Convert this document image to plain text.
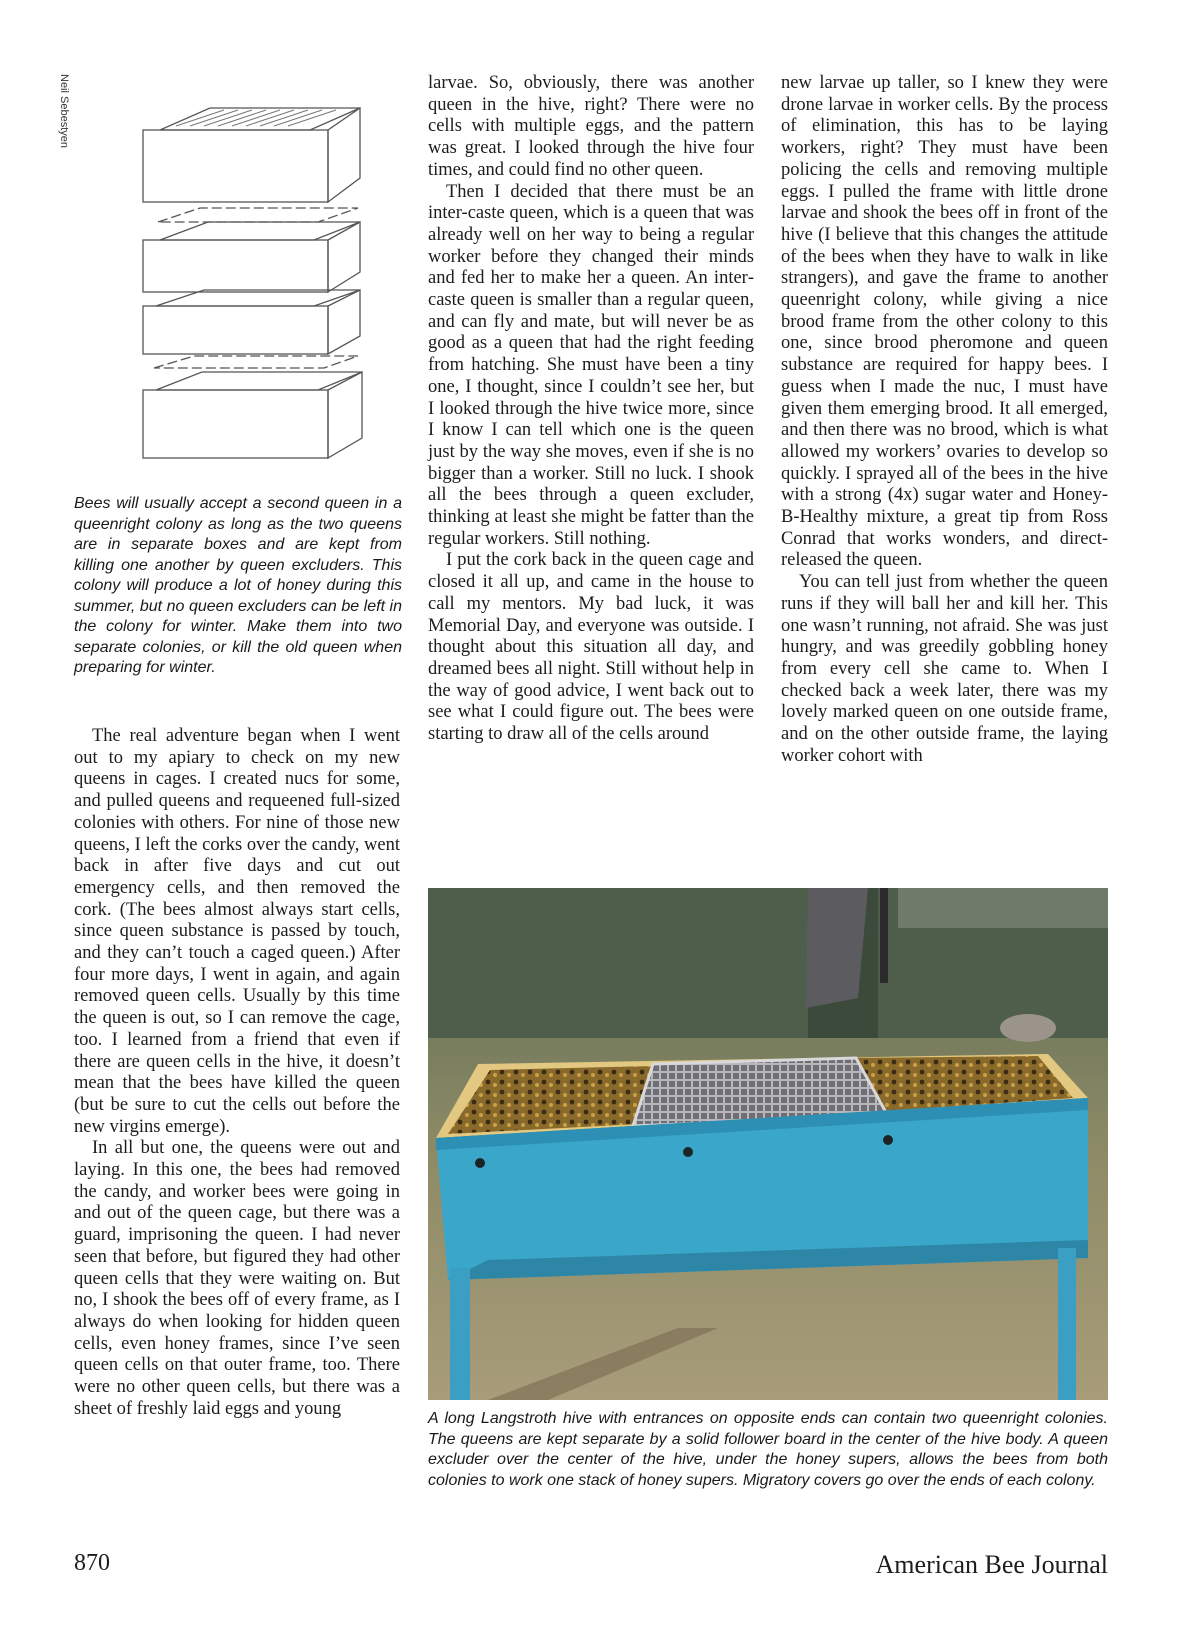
Neil Sebestyen

Bees will usually accept a second queen in a queenright colony as long as the two queens are in separate boxes and are kept from killing one another by queen excluders. This colony will produce a lot of honey during this summer, but no queen excluders can be left in the colony for winter. Make them into two separate colonies, or kill the old queen when preparing for winter.

The real adventure began when I went out to my apiary to check on my new queens in cages. I created nucs for some, and pulled queens and requeened full-sized colonies with others. For nine of those new queens, I left the corks over the candy, went back in after five days and cut out emergency cells, and then removed the cork. (The bees almost always start cells, since queen substance is passed by touch, and they can’t touch a caged queen.) After four more days, I went in again, and again removed queen cells. Usually by this time the queen is out, so I can remove the cage, too. I learned from a friend that even if there are queen cells in the hive, it doesn’t mean that the bees have killed the queen (but be sure to cut the cells out before the new virgins emerge).

In all but one, the queens were out and laying. In this one, the bees had removed the candy, and worker bees were going in and out of the queen cage, but there was a guard, imprisoning the queen. I had never seen that before, but figured they had other queen cells that they were waiting on. But no, I shook the bees off of every frame, as I always do when looking for hidden queen cells, even honey frames, since I’ve seen queen cells on that outer frame, too. There were no other queen cells, but there was a sheet of freshly laid eggs and young

larvae. So, obviously, there was another queen in the hive, right? There were no cells with multiple eggs, and the pattern was great. I looked through the hive four times, and could find no other queen.

Then I decided that there must be an inter-caste queen, which is a queen that was already well on her way to being a regular worker before they changed their minds and fed her to make her a queen. An intercaste queen is smaller than a regular queen, and can fly and mate, but will never be as good as a queen that had the right feeding from hatching. She must have been a tiny one, I thought, since I couldn’t see her, but I looked through the hive twice more, since I know I can tell which one is the queen just by the way she moves, even if she is no bigger than a worker. Still no luck. I shook all the bees through a queen excluder, thinking at least she might be fatter than the regular workers. Still nothing.

I put the cork back in the queen cage and closed it all up, and came in the house to call my mentors. My bad luck, it was Memorial Day, and everyone was outside. I thought about this situation all day, and dreamed bees all night. Still without help in the way of good advice, I went back out to see what I could figure out. The bees were starting to draw all of the cells around

new larvae up taller, so I knew they were drone larvae in worker cells. By the process of elimination, this has to be laying workers, right? They must have been policing the cells and removing multiple eggs. I pulled the frame with little drone larvae and shook the bees off in front of the hive (I believe that this changes the attitude of the bees when they have to walk in like strangers), and gave the frame to another queenright colony, while giving a nice brood frame from the other colony to this one, since brood pheromone and queen substance are required for happy bees. I guess when I made the nuc, I must have given them emerging brood. It all emerged, and then there was no brood, which is what allowed my workers’ ovaries to develop so quickly. I sprayed all of the bees in the hive with a strong (4x) sugar water and Honey-B-Healthy mixture, a great tip from Ross Conrad that works wonders, and direct-released the queen.

You can tell just from whether the queen runs if they will ball her and kill her. This one wasn’t running, not afraid. She was just hungry, and was greedily gobbling honey from every cell she came to. When I checked back a week later, there was my lovely marked queen on one outside frame, and on the other outside frame, the laying worker cohort with

A long Langstroth hive with entrances on opposite ends can contain two queenright colonies. The queens are kept separate by a solid follower board in the center of the hive body. A queen excluder over the center of the hive, under the honey supers, allows the bees from both colonies to work one stack of honey supers. Migratory covers go over the ends of each colony.

870	American Bee Journal
